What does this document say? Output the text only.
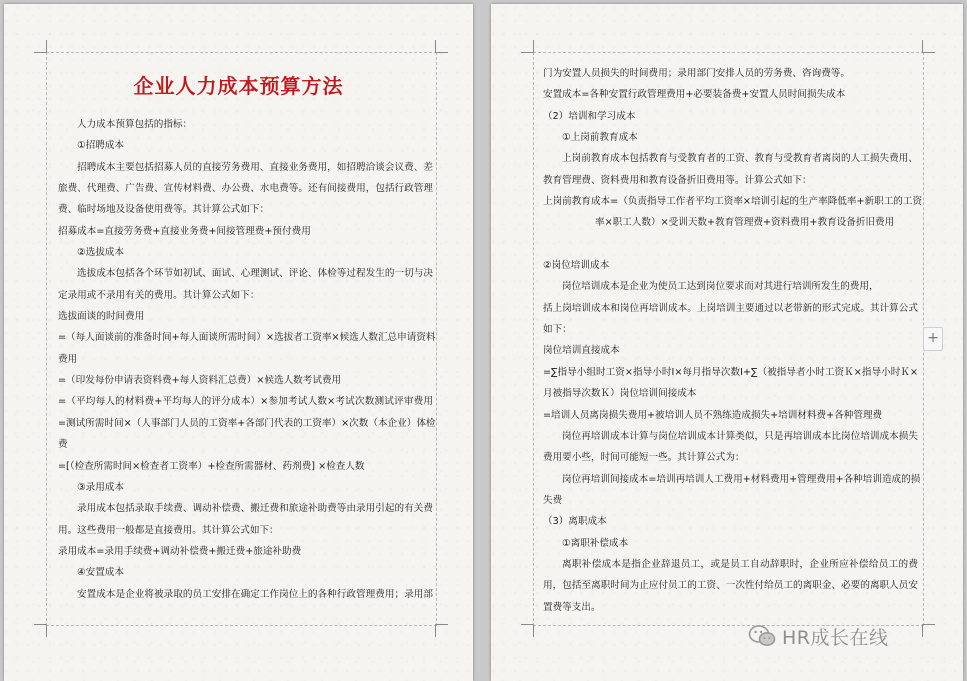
企业人力成本预算方法
人力成本预算包括的指标：
①招聘成本
招聘成本主要包括招募人员的直接劳务费用、直接业务费用，如招聘洽谈会议费、差
旅费、代理费、广告费、宣传材料费、办公费、水电费等。还有间接费用，包括行政管理
费、临时场地及设备使用费等。其计算公式如下：
招募成本=直接劳务费+直接业务费+间接管理费+预付费用
②选拔成本
选拔成本包括各个环节如初试、面试、心理测试、评论、体检等过程发生的一切与决
定录用或不录用有关的费用。其计算公式如下：
选拔面谈的时间费用
=（每人面谈前的准备时间+每人面谈所需时间）×选拔者工资率×候选人数汇总申请资料
费用
=（印发每份申请表资料费+每人资料汇总费）×候选人数考试费用
=（平均每人的材料费+平均每人的评分成本）×参加考试人数×考试次数测试评审费用
=测试所需时间×（人事部门人员的工资率+各部门代表的工资率）×次数（本企业）体检
费
=[（检查所需时间×检查者工资率）+检查所需器材、药剂费] ×检查人数
③录用成本
录用成本包括录取手续费、调动补偿费、搬迁费和旅途补助费等由录用引起的有关费
用。这些费用一般都是直接费用。其计算公式如下：
录用成本=录用手续费+调动补偿费+搬迁费+旅途补助费
④安置成本
安置成本是企业将被录取的员工安排在确定工作岗位上的各种行政管理费用；录用部
门为安置人员损失的时间费用；录用部门安排人员的劳务费、咨询费等。
安置成本=各种安置行政管理费用+必要装备费+安置人员时间损失成本
（2）培训和学习成本
①上岗前教育成本
上岗前教育成本包括教育与受教育者的工资、教育与受教育者离岗的人工损失费用、
教育管理费、资料费用和教育设备折旧费用等。计算公式如下：
上岗前教育成本=（负责指导工作者平均工资率×培训引起的生产率降低率+新职工的工资
率×职工人数）×受训天数+教育管理费+资料费用+教育设备折旧费用
②岗位培训成本
岗位培训成本是企业为使员工达到岗位要求而对其进行培训所发生的费用，
括上岗培训成本和岗位再培训成本。上岗培训主要通过以老带新的形式完成。其计算公式
如下：
岗位培训直接成本
=∑指导小组时工资×指导小时Ⅰ×每月指导次数Ⅰ+∑（被指导者小时工资Ｋ×指导小时Ｋ×
月被指导次数Ｋ）岗位培训间接成本
=培训人员离岗损失费用+被培训人员不熟练造成损失+培训材料费+各种管理费
岗位再培训成本计算与岗位培训成本计算类似，只是再培训成本比岗位培训成本损失
费用要小些，时间可能短一些。其计算公式为：
岗位再培训间接成本=培训再培训人工费用+材料费用+管理费用+各种培训造成的损
失费
（3）离职成本
①离职补偿成本
离职补偿成本是指企业辞退员工，或是员工自动辞职时，企业所应补偿给员工的费
用，包括至离职时间为止应付员工的工资、一次性付给员工的离职金、必要的离职人员安
置费等支出。
+
HR成长在线
